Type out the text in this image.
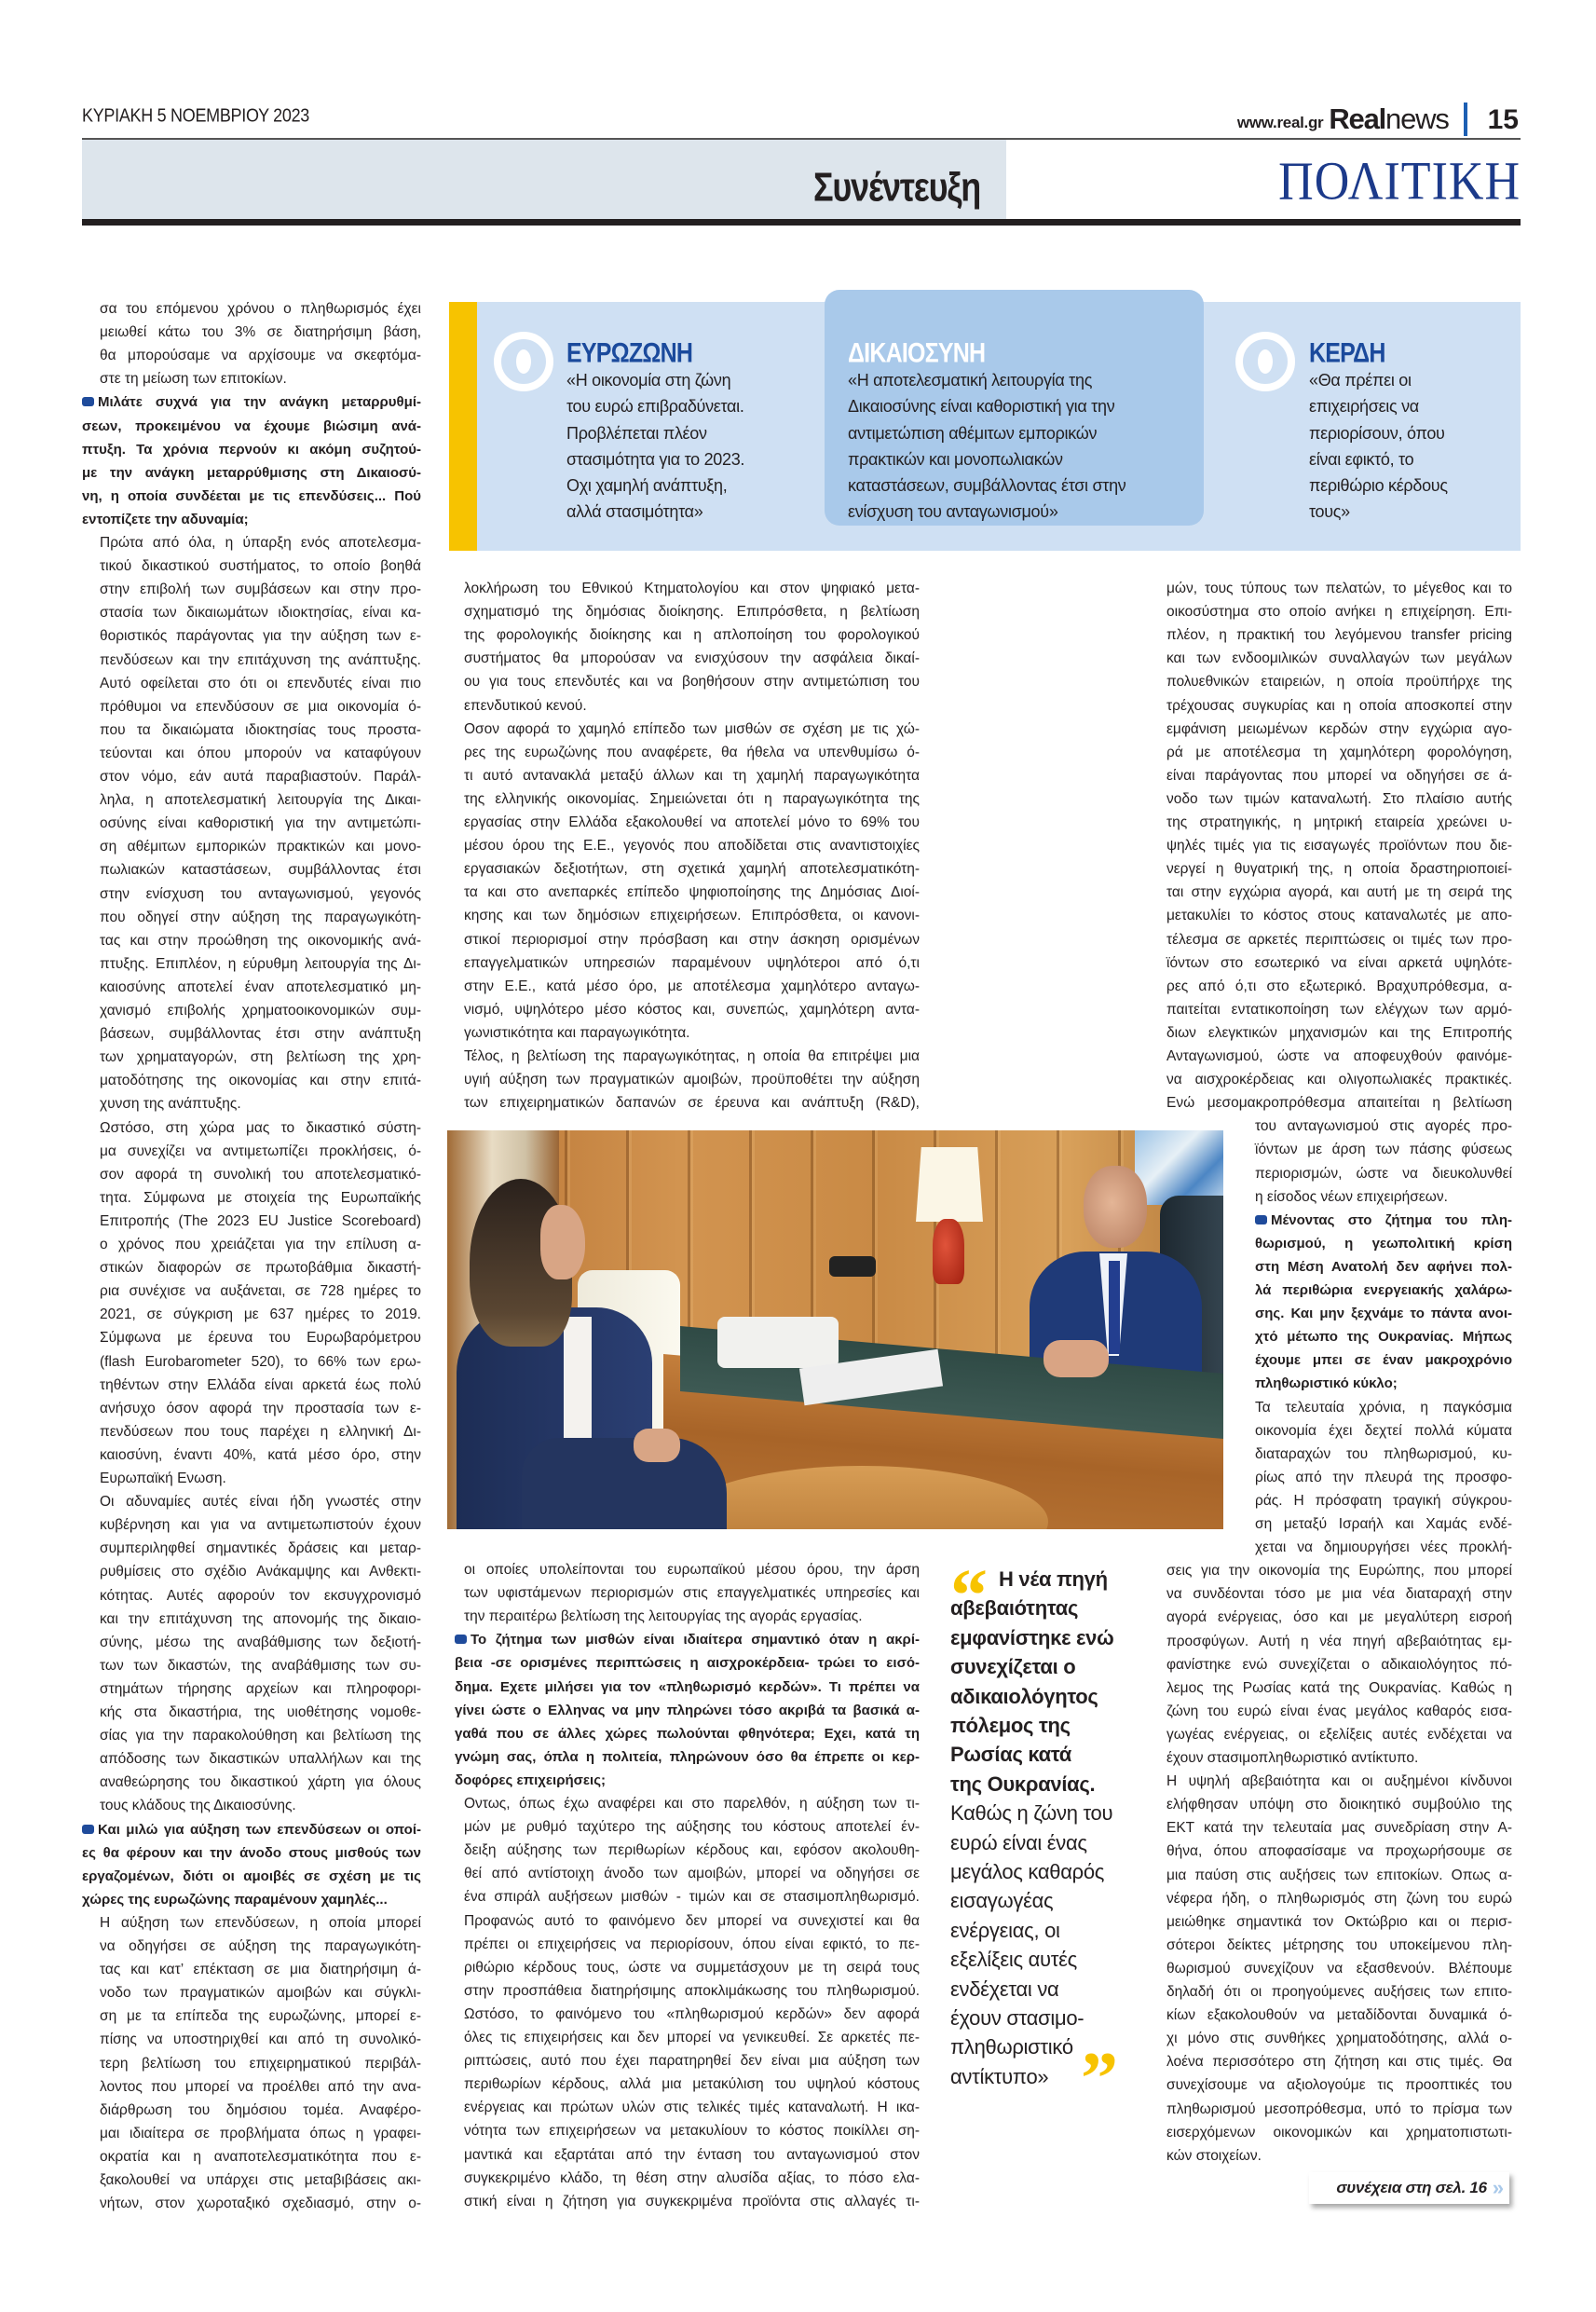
ΚΥΡΙΑΚΗ 5 ΝΟΕΜΒΡΙΟΥ 2023	www.real.gr Real news 15
Συνέντευξη	ΠΟΛΙΤΙΚΗ
ΕΥΡΩΖΩΝΗ
«Η οικονομία στη ζώνη
του ευρώ επιβραδύνεται.
Προβλέπεται πλέον
στασιμότητα για το 2023.
Οχι χαμηλή ανάπτυξη,
αλλά στασιμότητα»
ΔΙΚΑΙΟΣΥΝΗ
«Η αποτελεσματική λειτουργία της
Δικαιοσύνης είναι καθοριστική για την
αντιμετώπιση αθέμιτων εμπορικών
πρακτικών και μονοπωλιακών
καταστάσεων, συμβάλλοντας έτσι στην
ενίσχυση του ανταγωνισμού»
ΚΕΡΔΗ
«Θα πρέπει οι
επιχειρήσεις να
περιορίσουν, όπου
είναι εφικτό, το
περιθώριο κέρδους
τους»
σα του επόμενου χρόνου ο πληθωρισμός έχει
μειωθεί κάτω του 3% σε διατηρήσιμη βάση,
θα μπορούσαμε να αρχίσουμε να σκεφτόμα-
στε τη μείωση των επιτοκίων.
Μιλάτε συχνά για την ανάγκη μεταρρυθμί-
σεων, προκειμένου να έχουμε βιώσιμη ανά-
πτυξη. Τα χρόνια περνούν κι ακόμη συζητού-
με την ανάγκη μεταρρύθμισης στη Δικαιοσύ-
νη, η οποία συνδέεται με τις επενδύσεις... Πού
εντοπίζετε την αδυναμία;
Πρώτα από όλα, η ύπαρξη ενός αποτελεσμα-
τικού δικαστικού συστήματος, το οποίο βοηθά
στην επιβολή των συμβάσεων και στην προ-
στασία των δικαιωμάτων ιδιοκτησίας, είναι κα-
θοριστικός παράγοντας για την αύξηση των ε-
πενδύσεων και την επιτάχυνση της ανάπτυξης.
Αυτό οφείλεται στο ότι οι επενδυτές είναι πιο
πρόθυμοι να επενδύσουν σε μια οικονομία ό-
που τα δικαιώματα ιδιοκτησίας τους προστα-
τεύονται και όπου μπορούν να καταφύγουν
στον νόμο, εάν αυτά παραβιαστούν. Παράλ-
ληλα, η αποτελεσματική λειτουργία της Δικαι-
οσύνης είναι καθοριστική για την αντιμετώπι-
ση αθέμιτων εμπορικών πρακτικών και μονο-
πωλιακών καταστάσεων, συμβάλλοντας έτσι
στην ενίσχυση του ανταγωνισμού, γεγονός
που οδηγεί στην αύξηση της παραγωγικότη-
τας και στην προώθηση της οικονομικής ανά-
πτυξης. Επιπλέον, η εύρυθμη λειτουργία της Δι-
καιοσύνης αποτελεί έναν αποτελεσματικό μη-
χανισμό επιβολής χρηματοοικονομικών συμ-
βάσεων, συμβάλλοντας έτσι στην ανάπτυξη
των χρηματαγορών, στη βελτίωση της χρη-
ματοδότησης της οικονομίας και στην επιτά-
χυνση της ανάπτυξης.
Ωστόσο, στη χώρα μας το δικαστικό σύστη-
μα συνεχίζει να αντιμετωπίζει προκλήσεις, ό-
σον αφορά τη συνολική του αποτελεσματικό-
τητα. Σύμφωνα με στοιχεία της Ευρωπαϊκής
Επιτροπής (The 2023 EU Justice Scoreboard)
ο χρόνος που χρειάζεται για την επίλυση α-
στικών διαφορών σε πρωτοβάθμια δικαστή-
ρια συνέχισε να αυξάνεται, σε 728 ημέρες το
2021, σε σύγκριση με 637 ημέρες το 2019.
Σύμφωνα με έρευνα του Ευρωβαρόμετρου
(flash Eurobarometer 520), το 66% των ερω-
τηθέντων στην Ελλάδα είναι αρκετά έως πολύ
ανήσυχο όσον αφορά την προστασία των ε-
πενδύσεων που τους παρέχει η ελληνική Δι-
καιοσύνη, έναντι 40%, κατά μέσο όρο, στην
Ευρωπαϊκή Ενωση.
Οι αδυναμίες αυτές είναι ήδη γνωστές στην
κυβέρνηση και για να αντιμετωπιστούν έχουν
συμπεριληφθεί σημαντικές δράσεις και μεταρ-
ρυθμίσεις στο σχέδιο Ανάκαμψης και Ανθεκτι-
κότητας. Αυτές αφορούν τον εκσυγχρονισμό
και την επιτάχυνση της απονομής της δικαιο-
σύνης, μέσω της αναβάθμισης των δεξιοτή-
των των δικαστών, της αναβάθμισης των συ-
στημάτων τήρησης αρχείων και πληροφορι-
κής στα δικαστήρια, της υιοθέτησης νομοθε-
σίας για την παρακολούθηση και βελτίωση της
απόδοσης των δικαστικών υπαλλήλων και της
αναθεώρησης του δικαστικού χάρτη για όλους
τους κλάδους της Δικαιοσύνης.
Και μιλώ για αύξηση των επενδύσεων οι οποί-
ες θα φέρουν και την άνοδο στους μισθούς των
εργαζομένων, διότι οι αμοιβές σε σχέση με τις
χώρες της ευρωζώνης παραμένουν χαμηλές...
Η αύξηση των επενδύσεων, η οποία μπορεί
να οδηγήσει σε αύξηση της παραγωγικότη-
τας και κατ’ επέκταση σε μια διατηρήσιμη ά-
νοδο των πραγματικών αμοιβών και σύγκλι-
ση με τα επίπεδα της ευρωζώνης, μπορεί ε-
πίσης να υποστηριχθεί και από τη συνολικό-
τερη βελτίωση του επιχειρηματικού περιβάλ-
λοντος που μπορεί να προέλθει από την ανα-
διάρθρωση του δημόσιου τομέα. Αναφέρο-
μαι ιδιαίτερα σε προβλήματα όπως η γραφει-
οκρατία και η αναποτελεσματικότητα που ε-
ξακολουθεί να υπάρχει στις μεταβιβάσεις ακι-
νήτων, στον χωροταξικό σχεδιασμό, στην ο-
λοκλήρωση του Εθνικού Κτηματολογίου και στον ψηφιακό μετα-
σχηματισμό της δημόσιας διοίκησης. Επιπρόσθετα, η βελτίωση
της φορολογικής διοίκησης και η απλοποίηση του φορολογικού
συστήματος θα μπορούσαν να ενισχύσουν την ασφάλεια δικαί-
ου για τους επενδυτές και να βοηθήσουν στην αντιμετώπιση του
επενδυτικού κενού.
Οσον αφορά το χαμηλό επίπεδο των μισθών σε σχέση με τις χώ-
ρες της ευρωζώνης που αναφέρετε, θα ήθελα να υπενθυμίσω ό-
τι αυτό αντανακλά μεταξύ άλλων και τη χαμηλή παραγωγικότητα
της ελληνικής οικονομίας. Σημειώνεται ότι η παραγωγικότητα της
εργασίας στην Ελλάδα εξακολουθεί να αποτελεί μόνο το 69% του
μέσου όρου της Ε.Ε., γεγονός που αποδίδεται στις αναντιστοιχίες
εργασιακών δεξιοτήτων, στη σχετικά χαμηλή αποτελεσματικότη-
τα και στο ανεπαρκές επίπεδο ψηφιοποίησης της Δημόσιας Διοί-
κησης και των δημόσιων επιχειρήσεων. Επιπρόσθετα, οι κανονι-
στικοί περιορισμοί στην πρόσβαση και στην άσκηση ορισμένων
επαγγελματικών υπηρεσιών παραμένουν υψηλότεροι από ό,τι
στην Ε.Ε., κατά μέσο όρο, με αποτέλεσμα χαμηλότερο ανταγω-
νισμό, υψηλότερο μέσο κόστος και, συνεπώς, χαμηλότερη αντα-
γωνιστικότητα και παραγωγικότητα.
Τέλος, η βελτίωση της παραγωγικότητας, η οποία θα επιτρέψει μια
υγιή αύξηση των πραγματικών αμοιβών, προϋποθέτει την αύξηση
των επιχειρηματικών δαπανών σε έρευνα και ανάπτυξη (R&D),
οι οποίες υπολείπονται του ευρωπαϊκού μέσου όρου, την άρση
των υφιστάμενων περιορισμών στις επαγγελματικές υπηρεσίες και
την περαιτέρω βελτίωση της λειτουργίας της αγοράς εργασίας.
Το ζήτημα των μισθών είναι ιδιαίτερα σημαντικό όταν η ακρί-
βεια -σε ορισμένες περιπτώσεις η αισχροκέρδεια- τρώει το εισό-
δημα. Εχετε μιλήσει για τον «πληθωρισμό κερδών». Τι πρέπει να
γίνει ώστε ο Ελληνας να μην πληρώνει τόσο ακριβά τα βασικά α-
γαθά που σε άλλες χώρες πωλούνται φθηνότερα; Εχει, κατά τη
γνώμη σας, όπλα η πολιτεία, πληρώνουν όσο θα έπρεπε οι κερ-
δοφόρες επιχειρήσεις;
Οντως, όπως έχω αναφέρει και στο παρελθόν, η αύξηση των τι-
μών με ρυθμό ταχύτερο της αύξησης του κόστους αποτελεί έν-
δειξη αύξησης των περιθωρίων κέρδους και, εφόσον ακολουθη-
θεί από αντίστοιχη άνοδο των αμοιβών, μπορεί να οδηγήσει σε
ένα σπιράλ αυξήσεων μισθών - τιμών και σε στασιμοπληθωρισμό.
Προφανώς αυτό το φαινόμενο δεν μπορεί να συνεχιστεί και θα
πρέπει οι επιχειρήσεις να περιορίσουν, όπου είναι εφικτό, το πε-
ριθώριο κέρδους τους, ώστε να συμμετάσχουν με τη σειρά τους
στην προσπάθεια διατηρήσιμης αποκλιμάκωσης του πληθωρισμού.
Ωστόσο, το φαινόμενο του «πληθωρισμού κερδών» δεν αφορά
όλες τις επιχειρήσεις και δεν μπορεί να γενικευθεί. Σε αρκετές πε-
ριπτώσεις, αυτό που έχει παρατηρηθεί δεν είναι μια αύξηση των
περιθωρίων κέρδους, αλλά μια μετακύλιση του υψηλού κόστους
ενέργειας και πρώτων υλών στις τελικές τιμές καταναλωτή. Η ικα-
νότητα των επιχειρήσεων να μετακυλίουν το κόστος ποικίλλει ση-
μαντικά και εξαρτάται από την ένταση του ανταγωνισμού στον
συγκεκριμένο κλάδο, τη θέση στην αλυσίδα αξίας, το πόσο ελα-
στική είναι η ζήτηση για συγκεκριμένα προϊόντα στις αλλαγές τι-
μών, τους τύπους των πελατών, το μέγεθος και το
οικοσύστημα στο οποίο ανήκει η επιχείρηση. Επι-
πλέον, η πρακτική του λεγόμενου transfer pricing
και των ενδοομιλικών συναλλαγών των μεγάλων
πολυεθνικών εταιρειών, η οποία προϋπήρχε της
τρέχουσας συγκυρίας και η οποία αποσκοπεί στην
εμφάνιση μειωμένων κερδών στην εγχώρια αγο-
ρά με αποτέλεσμα τη χαμηλότερη φορολόγηση,
είναι παράγοντας που μπορεί να οδηγήσει σε ά-
νοδο των τιμών καταναλωτή. Στο πλαίσιο αυτής
της στρατηγικής, η μητρική εταιρεία χρεώνει υ-
ψηλές τιμές για τις εισαγωγές προϊόντων που διε-
νεργεί η θυγατρική της, η οποία δραστηριοποιεί-
ται στην εγχώρια αγορά, και αυτή με τη σειρά της
μετακυλίει το κόστος στους καταναλωτές με απο-
τέλεσμα σε αρκετές περιπτώσεις οι τιμές των προ-
ϊόντων στο εσωτερικό να είναι αρκετά υψηλότε-
ρες από ό,τι στο εξωτερικό. Βραχυπρόθεσμα, α-
παιτείται εντατικοποίηση των ελέγχων των αρμό-
διων ελεγκτικών μηχανισμών και της Επιτροπής
Ανταγωνισμού, ώστε να αποφευχθούν φαινόμε-
να αισχροκέρδειας και ολιγοπωλιακές πρακτικές.
Ενώ μεσομακροπρόθεσμα απαιτείται η βελτίωση
του ανταγωνισμού στις αγορές προ-
ϊόντων με άρση των πάσης φύσεως
περιορισμών, ώστε να διευκολυνθεί
η είσοδος νέων επιχειρήσεων.
Μένοντας στο ζήτημα του πλη-
θωρισμού, η γεωπολιτική κρίση
στη Μέση Ανατολή δεν αφήνει πολ-
λά περιθώρια ενεργειακής χαλάρω-
σης. Και μην ξεχνάμε το πάντα ανοι-
χτό μέτωπο της Ουκρανίας. Μήπως
έχουμε μπει σε έναν μακροχρόνιο
πληθωριστικό κύκλο;
Τα τελευταία χρόνια, η παγκόσμια
οικονομία έχει δεχτεί πολλά κύματα
διαταραχών του πληθωρισμού, κυ-
ρίως από την πλευρά της προσφο-
ράς. Η πρόσφατη τραγική σύγκρου-
ση μεταξύ Ισραήλ και Χαμάς ενδέ-
χεται να δημιουργήσει νέες προκλή-
σεις για την οικονομία της Ευρώπης, που μπορεί
να συνδέονται τόσο με μια νέα διαταραχή στην
αγορά ενέργειας, όσο και με μεγαλύτερη εισροή
προσφύγων. Αυτή η νέα πηγή αβεβαιότητας εμ-
φανίστηκε ενώ συνεχίζεται ο αδικαιολόγητος πό-
λεμος της Ρωσίας κατά της Ουκρανίας. Καθώς η
ζώνη του ευρώ είναι ένας μεγάλος καθαρός εισα-
γωγέας ενέργειας, οι εξελίξεις αυτές ενδέχεται να
έχουν στασιμοπληθωριστικό αντίκτυπο.
Η υψηλή αβεβαιότητα και οι αυξημένοι κίνδυνοι
ελήφθησαν υπόψη στο διοικητικό συμβούλιο της
ΕΚΤ κατά την τελευταία μας συνεδρίαση στην Α-
θήνα, όπου αποφασίσαμε να προχωρήσουμε σε
μια παύση στις αυξήσεις των επιτοκίων. Οπως α-
νέφερα ήδη, ο πληθωρισμός στη ζώνη του ευρώ
μειώθηκε σημαντικά τον Οκτώβριο και οι περισ-
σότεροι δείκτες μέτρησης του υποκείμενου πλη-
θωρισμού συνεχίζουν να εξασθενούν. Βλέπουμε
δηλαδή ότι οι προηγούμενες αυξήσεις των επιτο-
κίων εξακολουθούν να μεταδίδονται δυναμικά ό-
χι μόνο στις συνθήκες χρηματοδότησης, αλλά ο-
λοένα περισσότερο στη ζήτηση και στις τιμές. Θα
συνεχίσουμε να αξιολογούμε τις προοπτικές του
πληθωρισμού μεσοπρόθεσμα, υπό το πρίσμα των
εισερχόμενων οικονομικών και χρηματοπιστωτι-
κών στοιχείων.
“
”
Η νέα πηγή
αβεβαιότητας
εμφανίστηκε ενώ
συνεχίζεται ο
αδικαιολόγητος
πόλεμος της
Ρωσίας κατά
της Ουκρανίας.
Καθώς η ζώνη του
ευρώ είναι ένας
μεγάλος καθαρός
εισαγωγέας
ενέργειας, οι
εξελίξεις αυτές
ενδέχεται να
έχουν στασιμο-
πληθωριστικό
αντίκτυπο»
συνέχεια στη σελ. 16 »
